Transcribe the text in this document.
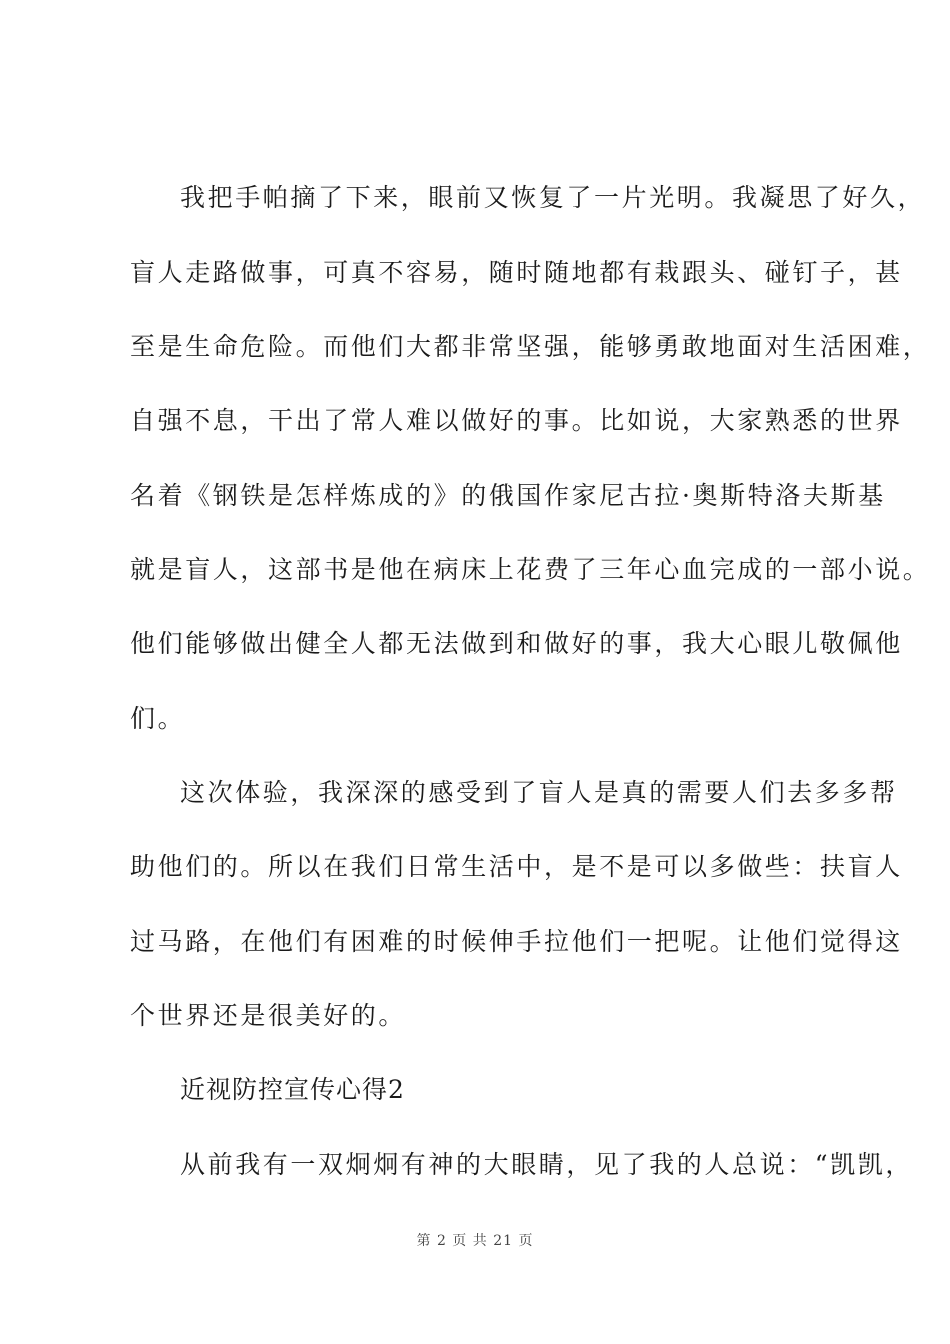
我把手帕摘了下来，眼前又恢复了一片光明。我凝思了好久，
盲人走路做事，可真不容易，随时随地都有栽跟头、碰钉子，甚
至是生命危险。而他们大都非常坚强，能够勇敢地面对生活困难，
自强不息，干出了常人难以做好的事。比如说，大家熟悉的世界
名着《钢铁是怎样炼成的》的俄国作家尼古拉·奥斯特洛夫斯基
就是盲人，这部书是他在病床上花费了三年心血完成的一部小说。
他们能够做出健全人都无法做到和做好的事，我大心眼儿敬佩他
们。
这次体验，我深深的感受到了盲人是真的需要人们去多多帮
助他们的。所以在我们日常生活中，是不是可以多做些：扶盲人
过马路，在他们有困难的时候伸手拉他们一把呢。让他们觉得这
个世界还是很美好的。
近视防控宣传心得2
从前我有一双炯炯有神的大眼睛，见了我的人总说：“凯凯，
第 2 页 共 21 页
